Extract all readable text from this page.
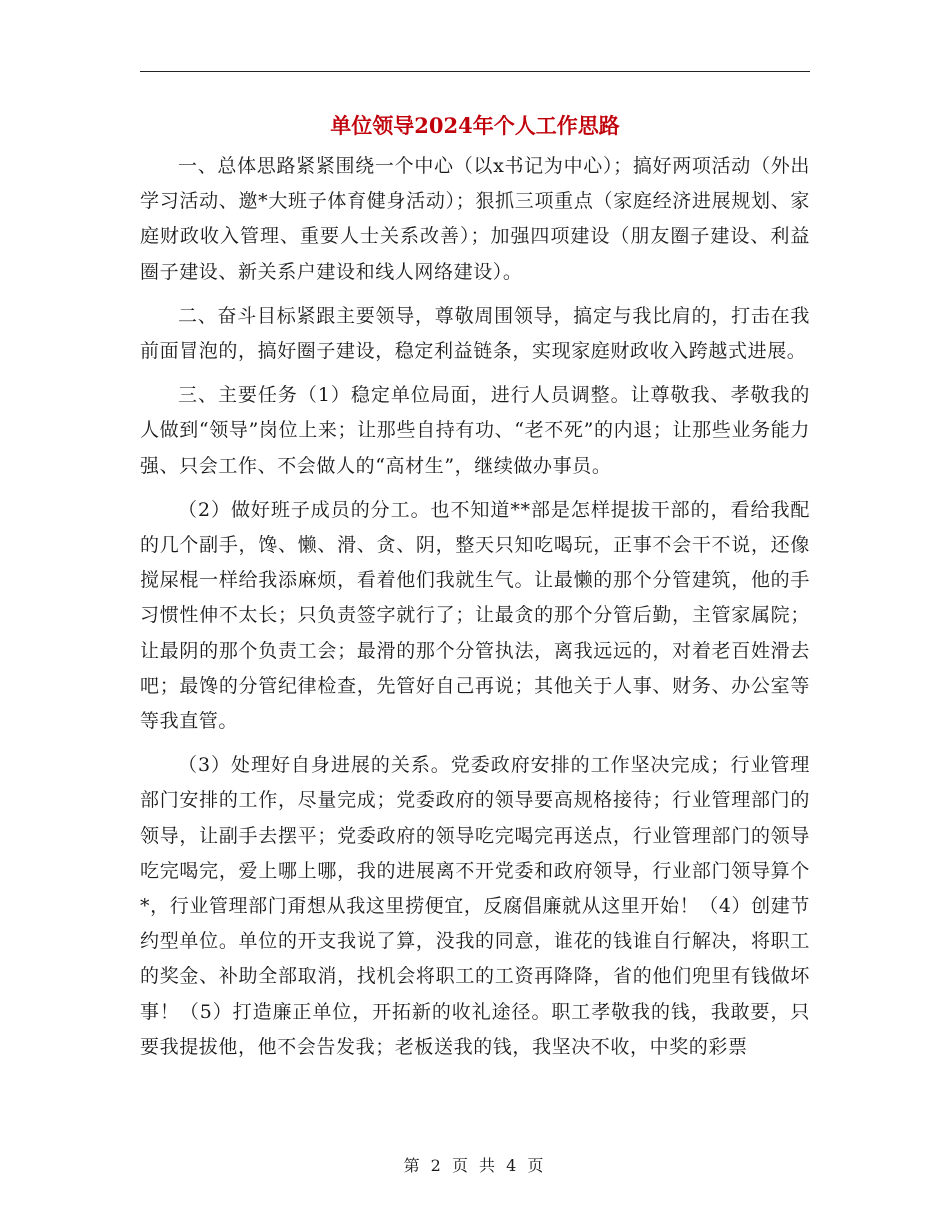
单位领导2024年个人工作思路

一、总体思路紧紧围绕一个中心（以x书记为中心）；搞好两项活动（外出学习活动、邀*大班子体育健身活动）；狠抓三项重点（家庭经济进展规划、家庭财政收入管理、重要人士关系改善）；加强四项建设（朋友圈子建设、利益圈子建设、新关系户建设和线人网络建设）。

二、奋斗目标紧跟主要领导，尊敬周围领导，搞定与我比肩的，打击在我前面冒泡的，搞好圈子建设，稳定利益链条，实现家庭财政收入跨越式进展。

三、主要任务（1）稳定单位局面，进行人员调整。让尊敬我、孝敬我的人做到“领导”岗位上来；让那些自持有功、“老不死”的内退；让那些业务能力强、只会工作、不会做人的“高材生”，继续做办事员。

（2）做好班子成员的分工。也不知道**部是怎样提拔干部的，看给我配的几个副手，馋、懒、滑、贪、阴，整天只知吃喝玩，正事不会干不说，还像搅屎棍一样给我添麻烦，看着他们我就生气。让最懒的那个分管建筑，他的手习惯性伸不太长；只负责签字就行了；让最贪的那个分管后勤，主管家属院；让最阴的那个负责工会；最滑的那个分管执法，离我远远的，对着老百姓滑去吧；最馋的分管纪律检查，先管好自己再说；其他关于人事、财务、办公室等等我直管。

（3）处理好自身进展的关系。党委政府安排的工作坚决完成；行业管理部门安排的工作，尽量完成；党委政府的领导要高规格接待；行业管理部门的领导，让副手去摆平；党委政府的领导吃完喝完再送点，行业管理部门的领导吃完喝完，爱上哪上哪，我的进展离不开党委和政府领导，行业部门领导算个*，行业管理部门甭想从我这里捞便宜，反腐倡廉就从这里开始！（4）创建节约型单位。单位的开支我说了算，没我的同意，谁花的钱谁自行解决，将职工的奖金、补助全部取消，找机会将职工的工资再降降，省的他们兜里有钱做坏事！（5）打造廉正单位，开拓新的收礼途径。职工孝敬我的钱，我敢要，只要我提拔他，他不会告发我；老板送我的钱，我坚决不收，中奖的彩票

第 2 页 共 4 页
